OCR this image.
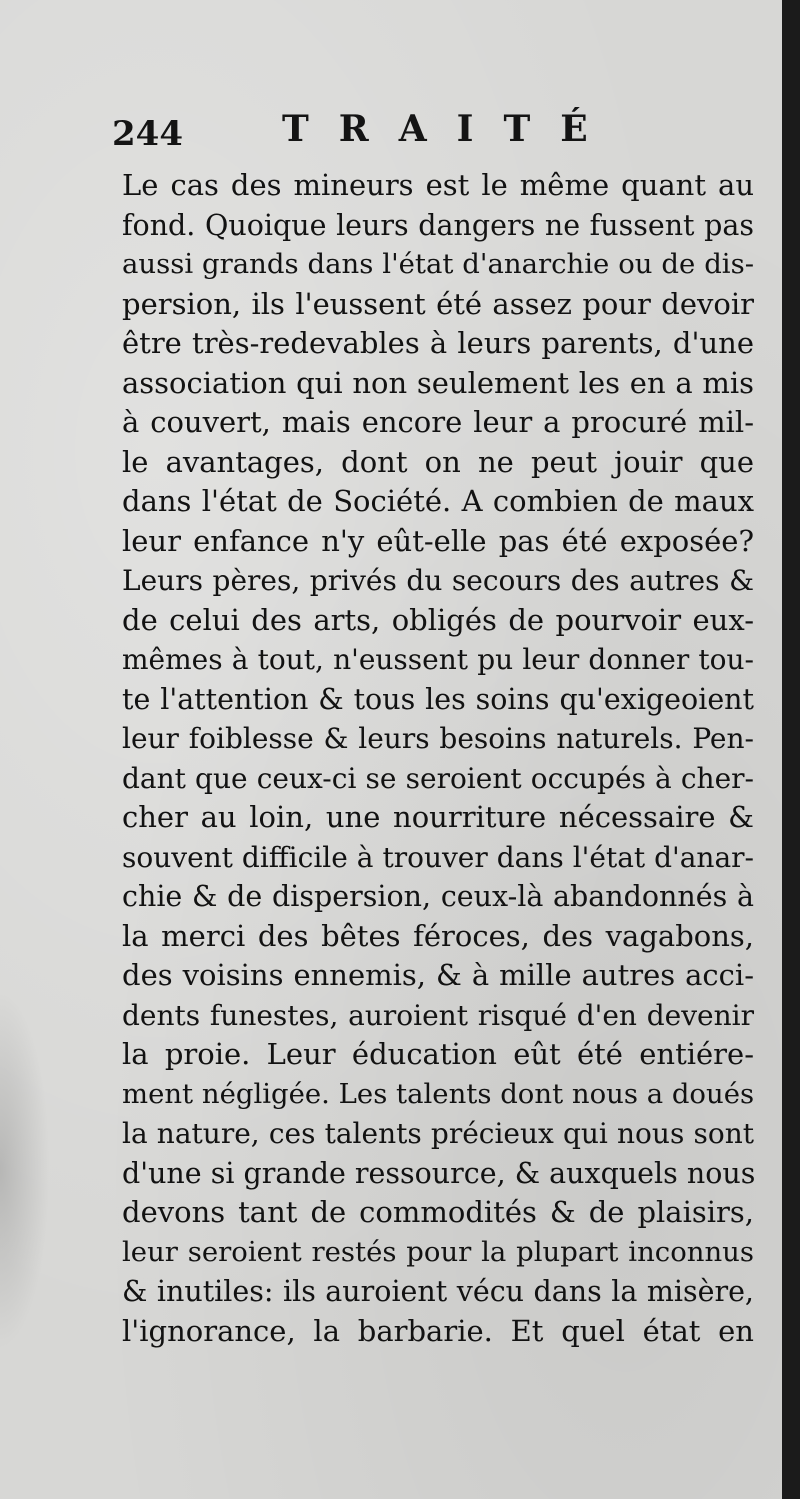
244	TRAITÉ
Le cas des mineurs est le même quant au
fond. Quoique leurs dangers ne fussent pas
aussi grands dans l'état d'anarchie ou de dis-
persion, ils l'eussent été assez pour devoir
être très-redevables à leurs parents, d'une
association qui non seulement les en a mis
à couvert, mais encore leur a procuré mil-
le avantages, dont on ne peut jouir que
dans l'état de Société. A combien de maux
leur enfance n'y eût-elle pas été exposée?
Leurs pères, privés du secours des autres &
de celui des arts, obligés de pourvoir eux-
mêmes à tout, n'eussent pu leur donner tou-
te l'attention & tous les soins qu'exigeoient
leur foiblesse & leurs besoins naturels. Pen-
dant que ceux-ci se seroient occupés à cher-
cher au loin, une nourriture nécessaire &
souvent difficile à trouver dans l'état d'anar-
chie & de dispersion, ceux-là abandonnés à
la merci des bêtes féroces, des vagabons,
des voisins ennemis, & à mille autres acci-
dents funestes, auroient risqué d'en devenir
la proie. Leur éducation eût été entiére-
ment négligée. Les talents dont nous a doués
la nature, ces talents précieux qui nous sont
d'une si grande ressource, & auxquels nous
devons tant de commodités & de plaisirs,
leur seroient restés pour la plupart inconnus
& inutiles: ils auroient vécu dans la misère,
l'ignorance, la barbarie. Et quel état en
